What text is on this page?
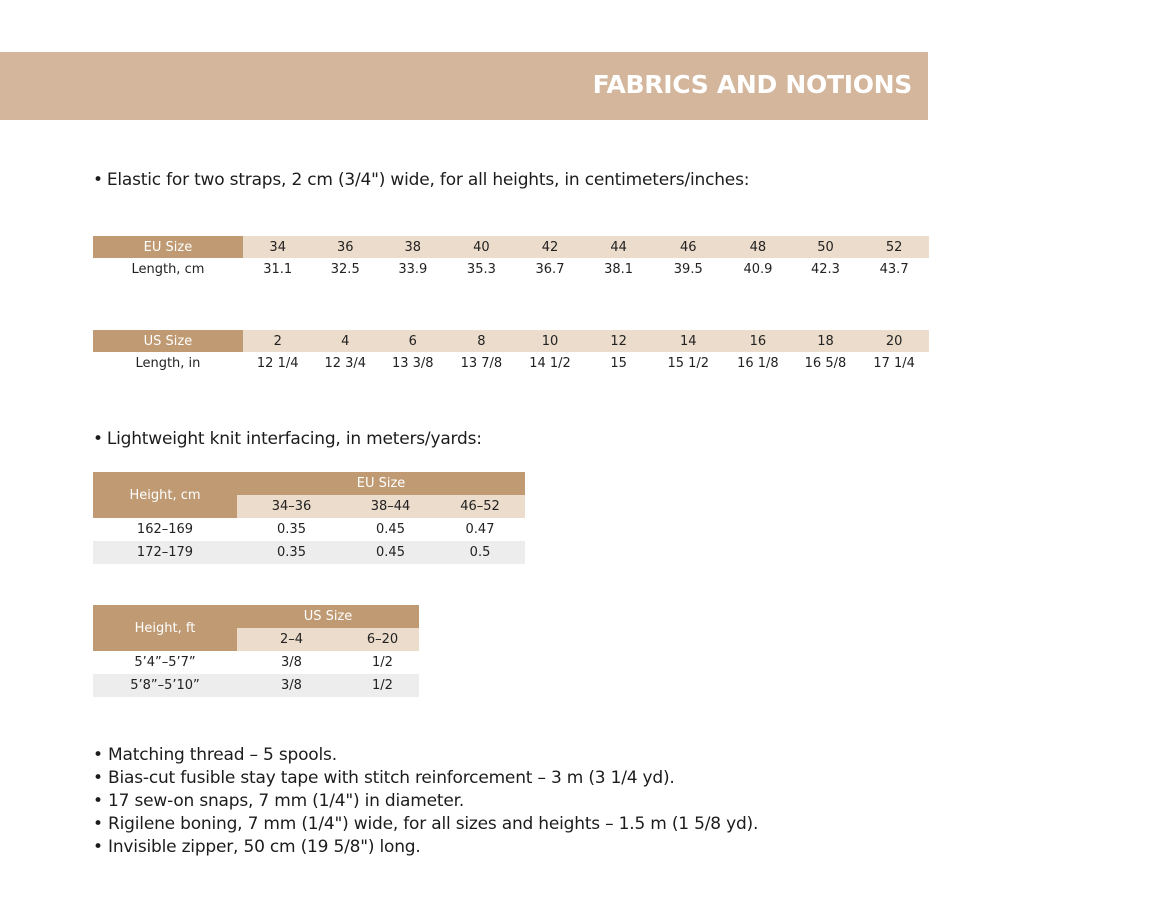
FABRICS AND NOTIONS
• Elastic for two straps, 2 cm (3/4") wide, for all heights, in centimeters/inches:
EU Size	34	36	38	40	42	44	46	48	50	52
Length, cm	31.1	32.5	33.9	35.3	36.7	38.1	39.5	40.9	42.3	43.7
US Size	2	4	6	8	10	12	14	16	18	20
Length, in	12 1/4	12 3/4	13 3/8	13 7/8	14 1/2	15	15 1/2	16 1/8	16 5/8	17 1/4
• Lightweight knit interfacing, in meters/yards:
Height, cm	EU Size		
	34–36	38–44	46–52
162–169	0.35	0.45	0.47
172–179	0.35	0.45	0.5
Height, ft	US Size	
	2–4	6–20
5’4”–5’7”	3/8	1/2
5’8”–5’10”	3/8	1/2
• Matching thread – 5 spools.
• Bias-cut fusible stay tape with stitch reinforcement – 3 m (3 1/4 yd).
• 17 sew-on snaps, 7 mm (1/4") in diameter.
• Rigilene boning, 7 mm (1/4") wide, for all sizes and heights – 1.5 m (1 5/8 yd).
• Invisible zipper, 50 cm (19 5/8") long.
